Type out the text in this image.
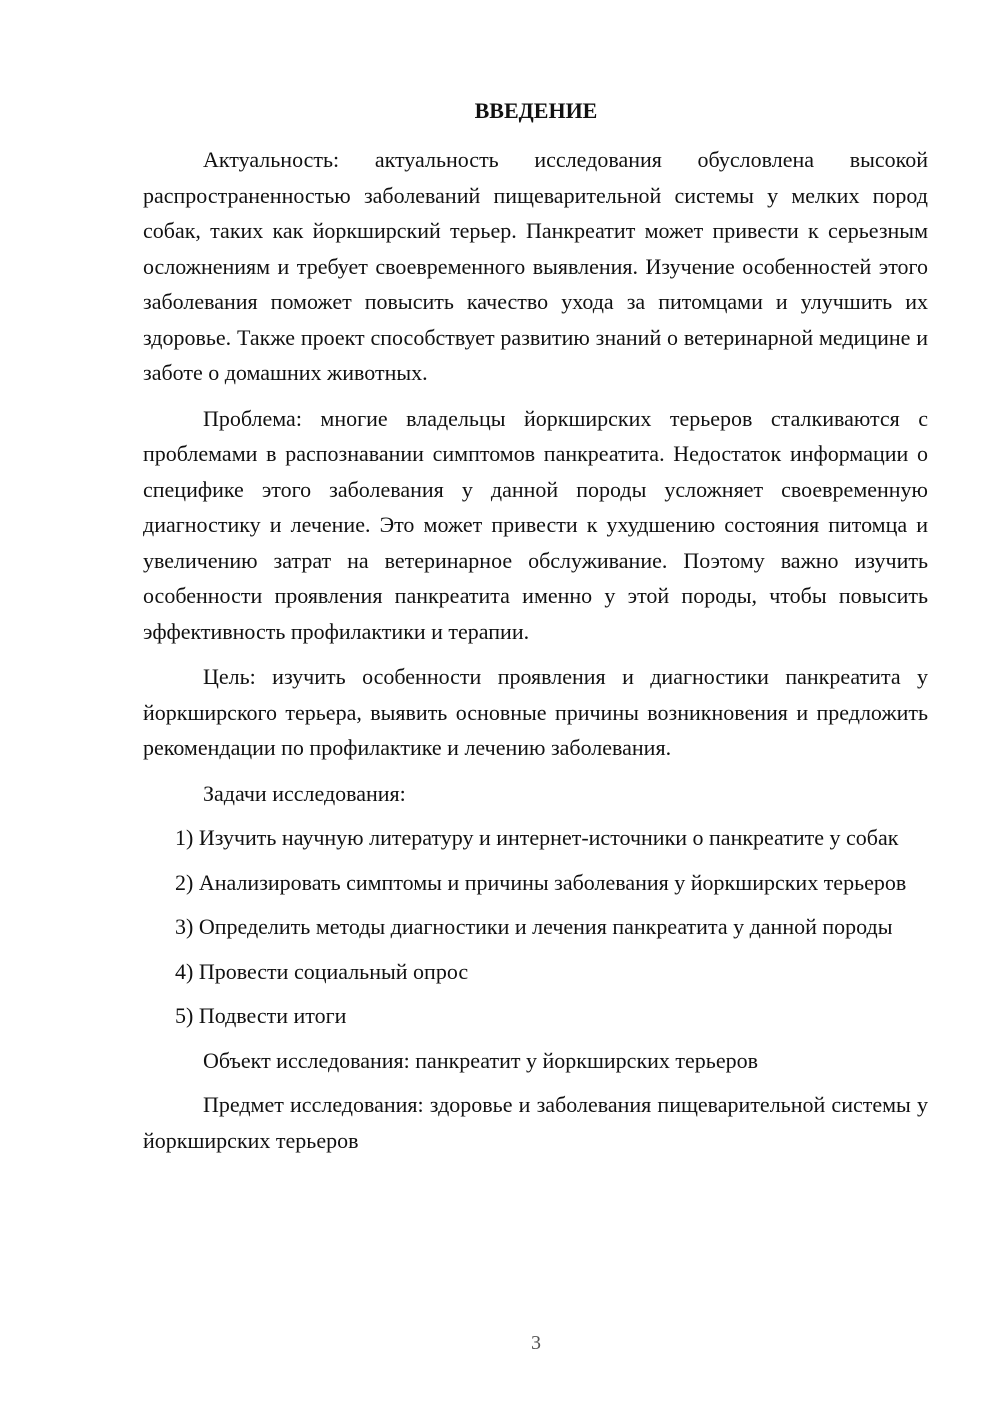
ВВЕДЕНИЕ

Актуальность: актуальность исследования обусловлена высокой распространенностью заболеваний пищеварительной системы у мелких пород собак, таких как йоркширский терьер. Панкреатит может привести к серьезным осложнениям и требует своевременного выявления. Изучение особенностей этого заболевания поможет повысить качество ухода за питомцами и улучшить их здоровье. Также проект способствует развитию знаний о ветеринарной медицине и заботе о домашних животных.

Проблема: многие владельцы йоркширских терьеров сталкиваются с проблемами в распознавании симптомов панкреатита. Недостаток информации о специфике этого заболевания у данной породы усложняет своевременную диагностику и лечение. Это может привести к ухудшению состояния питомца и увеличению затрат на ветеринарное обслуживание. Поэтому важно изучить особенности проявления панкреатита именно у этой породы, чтобы повысить эффективность профилактики и терапии.

Цель: изучить особенности проявления и диагностики панкреатита у йоркширского терьера, выявить основные причины возникновения и предложить рекомендации по профилактике и лечению заболевания.

Задачи исследования:

1) Изучить научную литературу и интернет-источники о панкреатите у собак

2) Анализировать симптомы и причины заболевания у йоркширских терьеров

3) Определить методы диагностики и лечения панкреатита у данной породы

4) Провести социальный опрос

5) Подвести итоги

Объект исследования: панкреатит у йоркширских терьеров

Предмет исследования: здоровье и заболевания пищеварительной системы у йоркширских терьеров

3
